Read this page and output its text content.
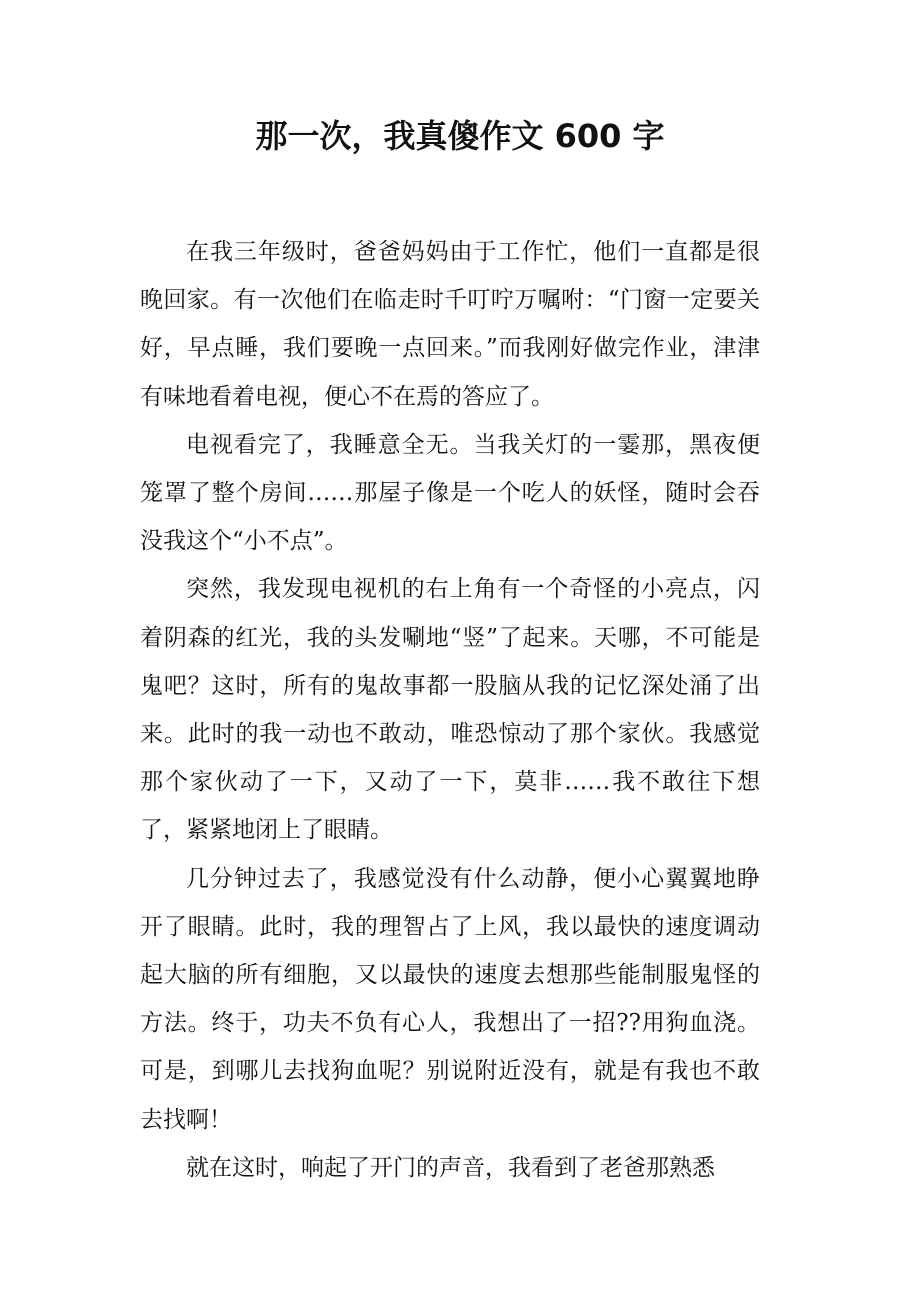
那一次，我真傻作文 600 字

在我三年级时，爸爸妈妈由于工作忙，他们一直都是很晚回家。有一次他们在临走时千叮咛万嘱咐：“门窗一定要关好，早点睡，我们要晚一点回来。”而我刚好做完作业，津津有味地看着电视，便心不在焉的答应了。

电视看完了，我睡意全无。当我关灯的一霎那，黑夜便笼罩了整个房间……那屋子像是一个吃人的妖怪，随时会吞没我这个“小不点”。

突然，我发现电视机的右上角有一个奇怪的小亮点，闪着阴森的红光，我的头发唰地“竖”了起来。天哪，不可能是鬼吧？这时，所有的鬼故事都一股脑从我的记忆深处涌了出来。此时的我一动也不敢动，唯恐惊动了那个家伙。我感觉那个家伙动了一下，又动了一下，莫非……我不敢往下想了，紧紧地闭上了眼睛。

几分钟过去了，我感觉没有什么动静，便小心翼翼地睁开了眼睛。此时，我的理智占了上风，我以最快的速度调动起大脑的所有细胞，又以最快的速度去想那些能制服鬼怪的方法。终于，功夫不负有心人，我想出了一招??用狗血浇。可是，到哪儿去找狗血呢？别说附近没有，就是有我也不敢去找啊！

就在这时，响起了开门的声音，我看到了老爸那熟悉
